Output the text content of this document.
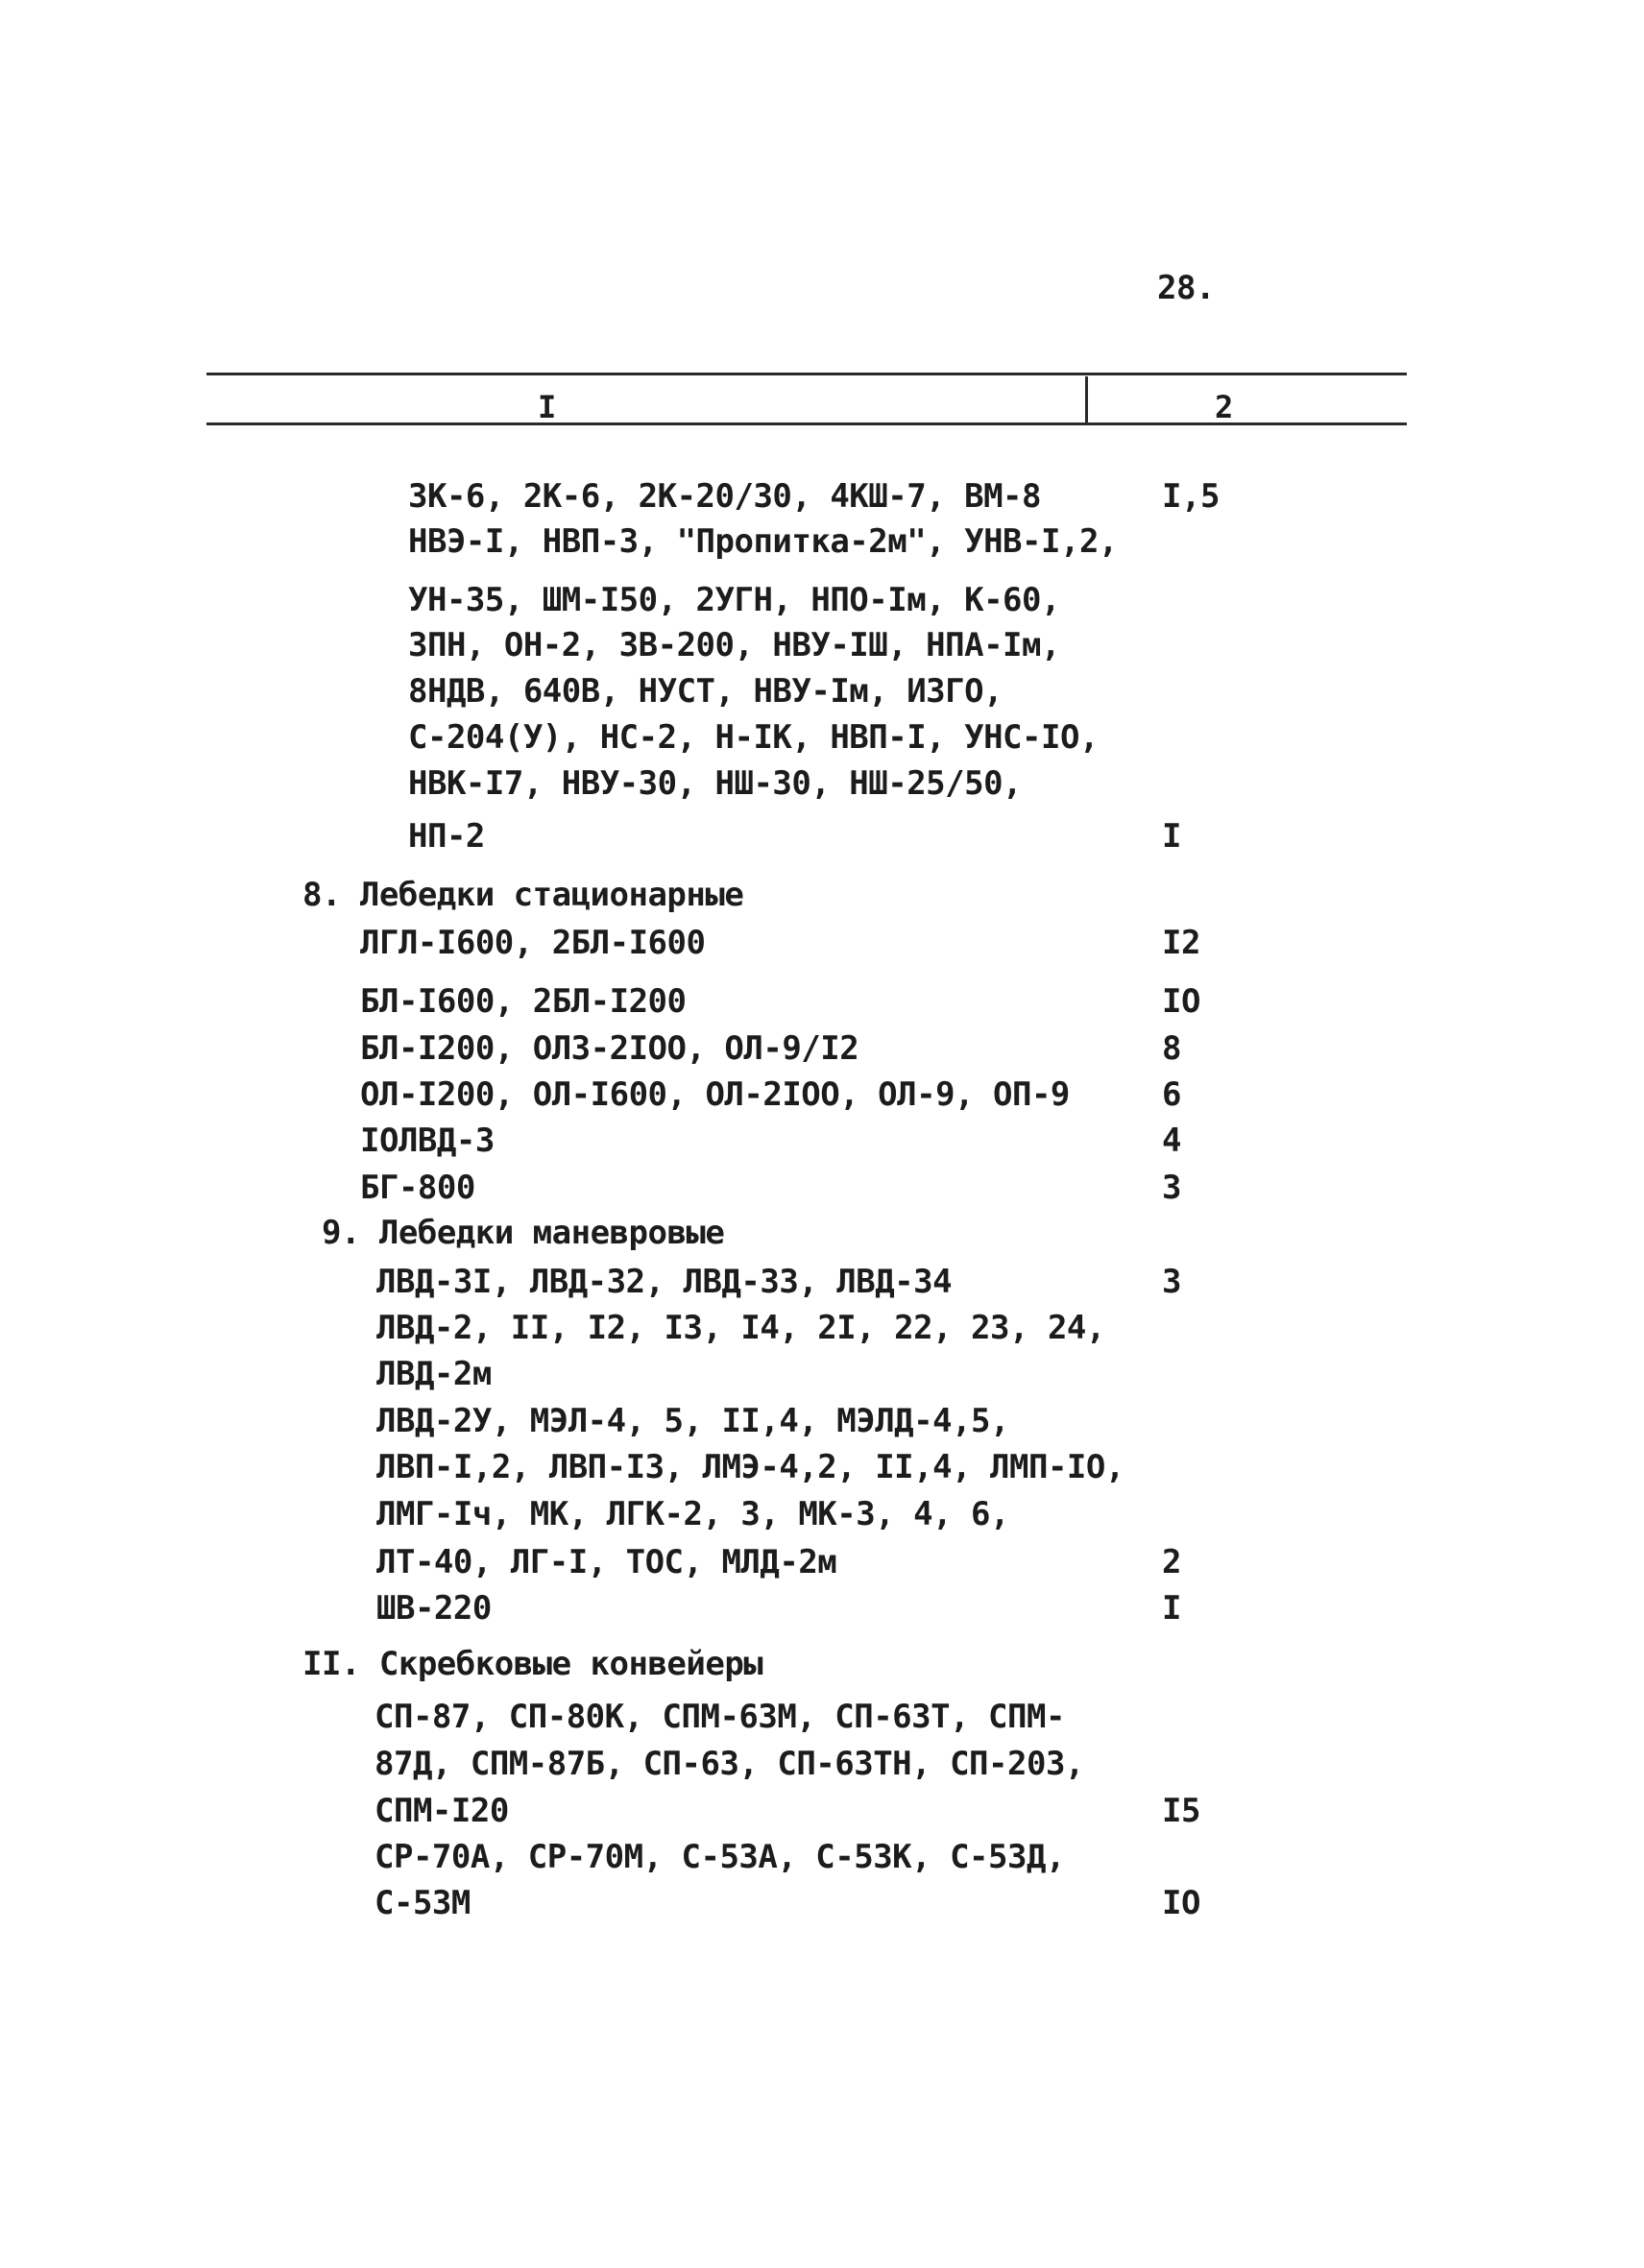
28.
I	2
3К-6, 2К-6, 2К-20/30, 4КШ-7, ВМ-8	I,5
НВЭ-I, НВП-3, "Пропитка-2м", УНВ-I,2,
УН-35, ШМ-I50, 2УГН, НПО-Iм, К-60,
3ПН, ОН-2, 3В-200, НВУ-IШ, НПА-Iм,
8НДВ, 640В, НУСТ, НВУ-Iм, ИЗГО,
С-204(У), НС-2, Н-IК, НВП-I, УНС-IО,
НВК-I7, НВУ-30, НШ-30, НШ-25/50,
НП-2	I
8. Лебедки стационарные
ЛГЛ-I600, 2БЛ-I600	I2
БЛ-I600, 2БЛ-I200	IO
БЛ-I200, ОЛЗ-2IOO, ОЛ-9/I2	8
ОЛ-I200, ОЛ-I600, ОЛ-2IOO, ОЛ-9, ОП-9	6
IОЛВД-3	4
БГ-800	3
9. Лебедки маневровые
ЛВД-3I, ЛВД-32, ЛВД-33, ЛВД-34	3
ЛВД-2, II, I2, I3, I4, 2I, 22, 23, 24,
ЛВД-2м
ЛВД-2У, МЭЛ-4, 5, II,4, МЭЛД-4,5,
ЛВП-I,2, ЛВП-I3, ЛМЭ-4,2, II,4, ЛМП-IО,
ЛМГ-Iч, МК, ЛГК-2, 3, МК-3, 4, 6,
ЛТ-40, ЛГ-I, ТОС, МЛД-2м	2
ШВ-220	I
II. Скребковые конвейеры
СП-87, СП-80К, СПМ-63М, СП-63Т, СПМ-
87Д, СПМ-87Б, СП-63, СП-63ТН, СП-203,
СПМ-I20	I5
СР-70А, СР-70М, С-53А, С-53К, С-53Д,
С-53М	IO
